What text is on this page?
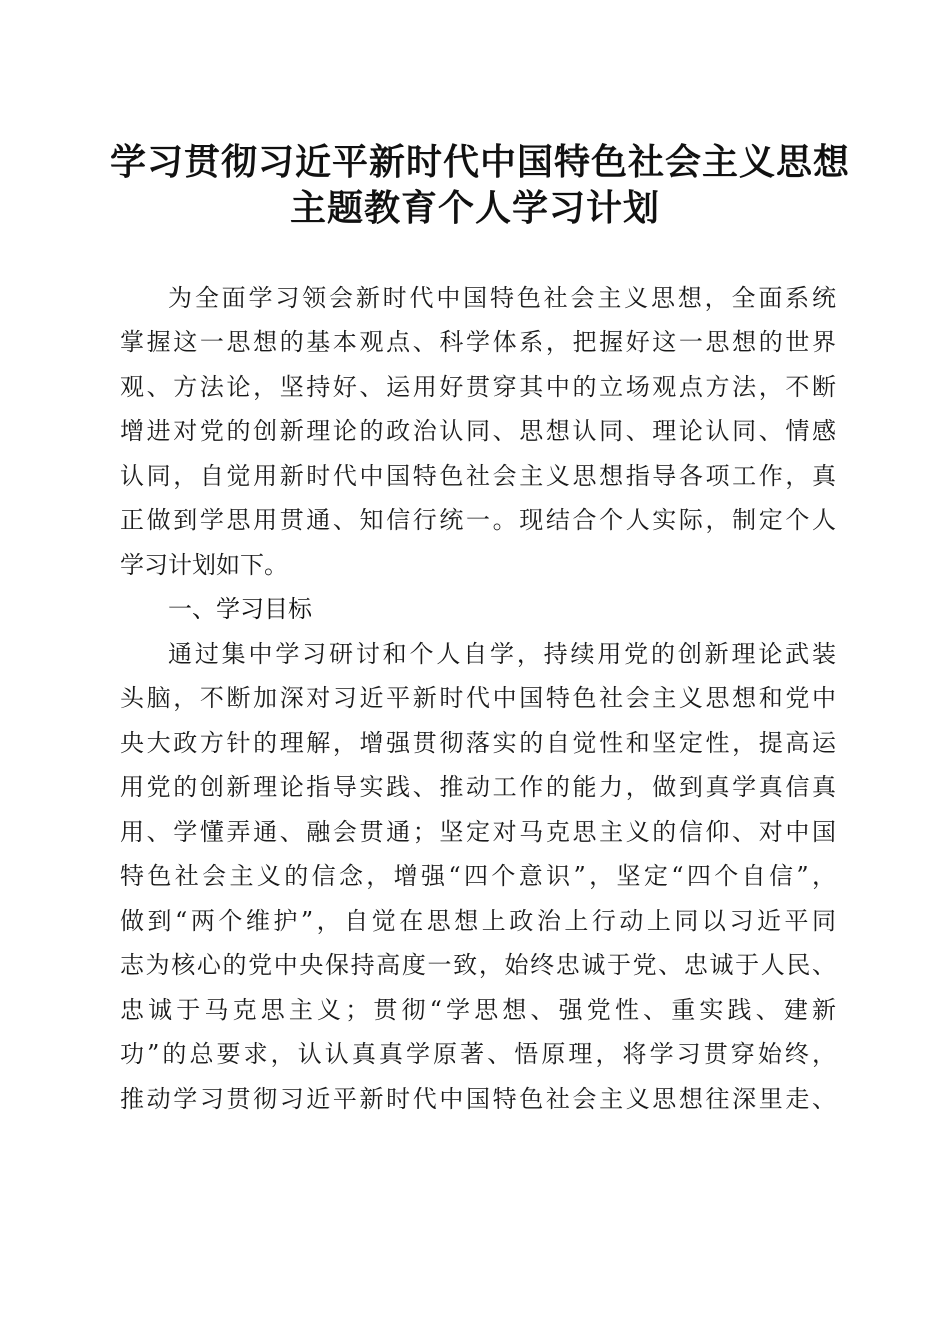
学习贯彻习近平新时代中国特色社会主义思想
主题教育个人学习计划
为全面学习领会新时代中国特色社会主义思想，全面系统
掌握这一思想的基本观点、科学体系，把握好这一思想的世界
观、方法论，坚持好、运用好贯穿其中的立场观点方法，不断
增进对党的创新理论的政治认同、思想认同、理论认同、情感
认同，自觉用新时代中国特色社会主义思想指导各项工作，真
正做到学思用贯通、知信行统一。现结合个人实际，制定个人
学习计划如下。
一、学习目标
通过集中学习研讨和个人自学，持续用党的创新理论武装
头脑，不断加深对习近平新时代中国特色社会主义思想和党中
央大政方针的理解，增强贯彻落实的自觉性和坚定性，提高运
用党的创新理论指导实践、推动工作的能力，做到真学真信真
用、学懂弄通、融会贯通；坚定对马克思主义的信仰、对中国
特色社会主义的信念，增强“四个意识”，坚定“四个自信”，
做到“两个维护”，自觉在思想上政治上行动上同以习近平同
志为核心的党中央保持高度一致，始终忠诚于党、忠诚于人民、
忠诚于马克思主义；贯彻“学思想、强党性、重实践、建新
功”的总要求，认认真真学原著、悟原理，将学习贯穿始终，
推动学习贯彻习近平新时代中国特色社会主义思想往深里走、
